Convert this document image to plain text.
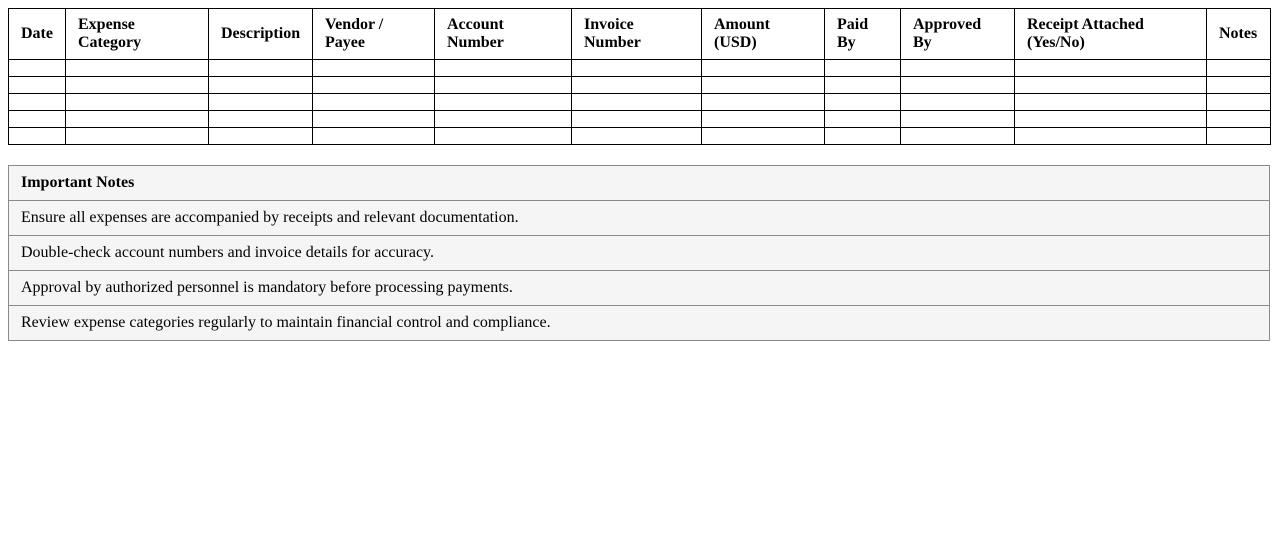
Date	Expense Category	Description	Vendor / Payee	Account Number	Invoice Number	Amount (USD)	Paid By	Approved By	Receipt Attached (Yes/No)	Notes

Important Notes
Ensure all expenses are accompanied by receipts and relevant documentation.
Double-check account numbers and invoice details for accuracy.
Approval by authorized personnel is mandatory before processing payments.
Review expense categories regularly to maintain financial control and compliance.
